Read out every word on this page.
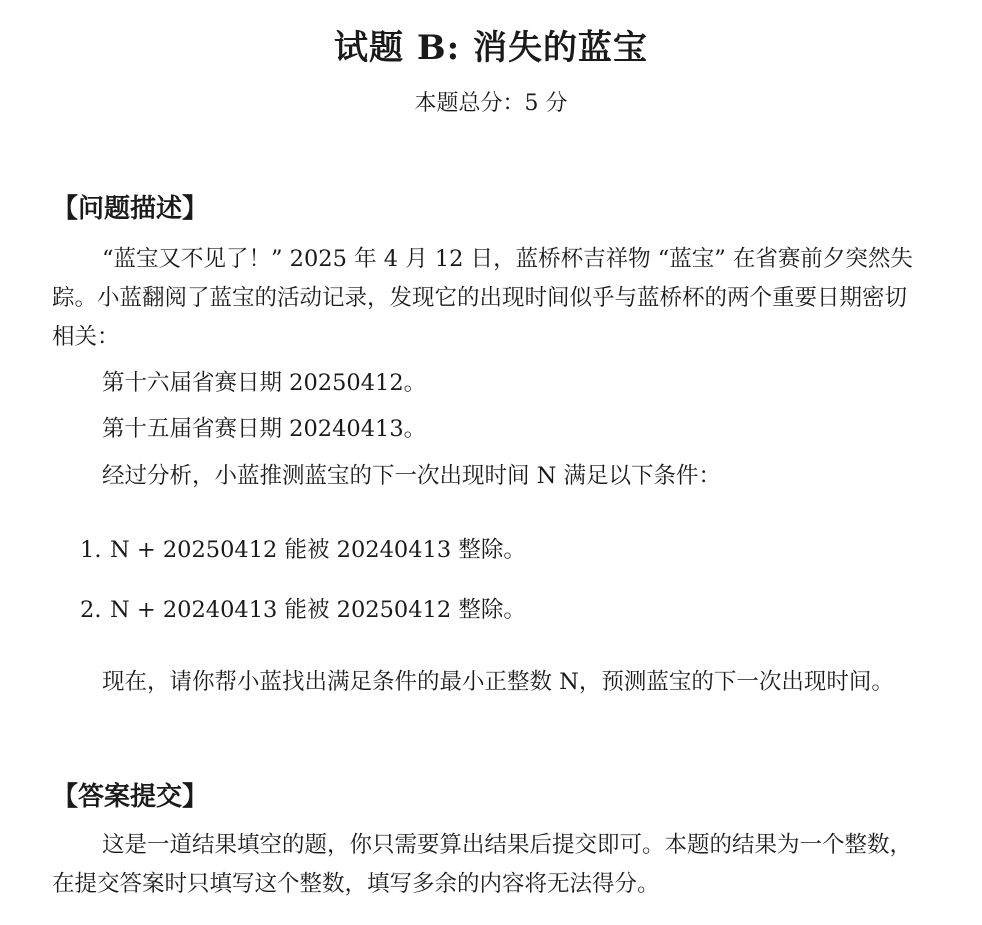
试题 B: 消失的蓝宝
本题总分：5 分
【问题描述】
“蓝宝又不见了！” 2025 年 4 月 12 日，蓝桥杯吉祥物 “蓝宝” 在省赛前夕突然失踪。小蓝翻阅了蓝宝的活动记录，发现它的出现时间似乎与蓝桥杯的两个重要日期密切相关：
第十六届省赛日期 20250412。
第十五届省赛日期 20240413。
经过分析，小蓝推测蓝宝的下一次出现时间 N 满足以下条件：
1. N + 20250412 能被 20240413 整除。
2. N + 20240413 能被 20250412 整除。
现在，请你帮小蓝找出满足条件的最小正整数 N，预测蓝宝的下一次出现时间。
【答案提交】
这是一道结果填空的题，你只需要算出结果后提交即可。本题的结果为一个整数，在提交答案时只填写这个整数，填写多余的内容将无法得分。
